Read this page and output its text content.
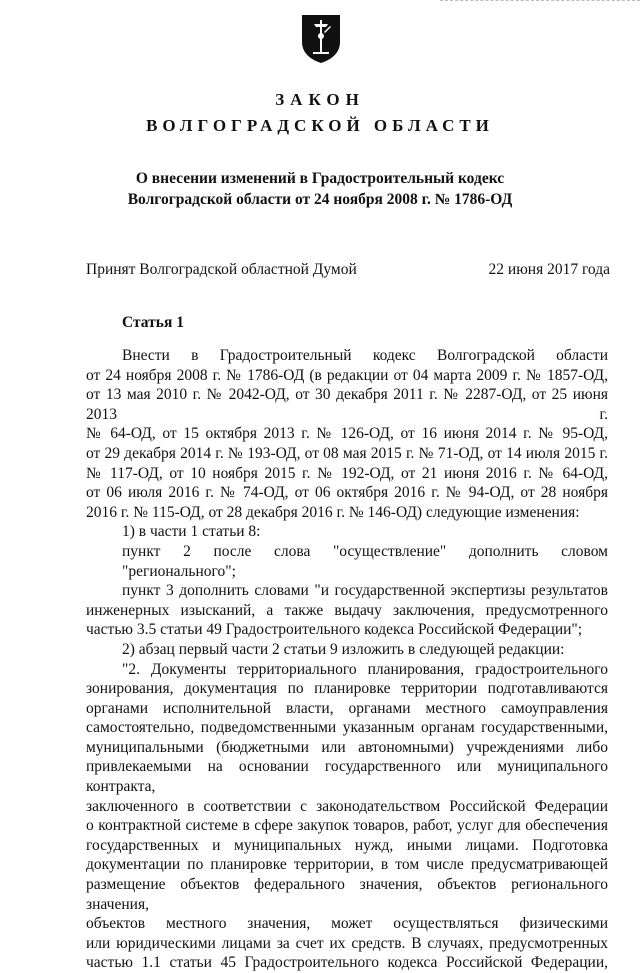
ЗАКОН
ВОЛГОГРАДСКОЙ ОБЛАСТИ
О внесении изменений в Градостроительный кодекс
Волгоградской области от 24 ноября 2008 г. № 1786-ОД
Принят Волгоградской областной Думой	22 июня 2017 года
Статья 1
Внести в Градостроительный кодекс Волгоградской области
от 24 ноября 2008 г. № 1786-ОД (в редакции от 04 марта 2009 г. № 1857-ОД,
от 13 мая 2010 г. № 2042-ОД, от 30 декабря 2011 г. № 2287-ОД, от 25 июня 2013 г.
№ 64-ОД, от 15 октября 2013 г. № 126-ОД, от 16 июня 2014 г. № 95-ОД,
от 29 декабря 2014 г. № 193-ОД, от 08 мая 2015 г. № 71-ОД, от 14 июля 2015 г.
№ 117-ОД, от 10 ноября 2015 г. № 192-ОД, от 21 июня 2016 г. № 64-ОД,
от 06 июля 2016 г. № 74-ОД, от 06 октября 2016 г. № 94-ОД, от 28 ноября
2016 г. № 115-ОД, от 28 декабря 2016 г. № 146-ОД) следующие изменения:
1) в части 1 статьи 8:
пункт 2 после слова "осуществление" дополнить словом "регионального";
пункт 3 дополнить словами "и государственной экспертизы результатов
инженерных изысканий, а также выдачу заключения, предусмотренного
частью 3.5 статьи 49 Градостроительного кодекса Российской Федерации";
2) абзац первый части 2 статьи 9 изложить в следующей редакции:
"2. Документы территориального планирования, градостроительного
зонирования, документация по планировке территории подготавливаются
органами исполнительной власти, органами местного самоуправления
самостоятельно, подведомственными указанным органам государственными,
муниципальными (бюджетными или автономными) учреждениями либо
привлекаемыми на основании государственного или муниципального контракта,
заключенного в соответствии с законодательством Российской Федерации
о контрактной системе в сфере закупок товаров, работ, услуг для обеспечения
государственных и муниципальных нужд, иными лицами. Подготовка
документации по планировке территории, в том числе предусматривающей
размещение объектов федерального значения, объектов регионального значения,
объектов местного значения, может осуществляться физическими
или юридическими лицами за счет их средств. В случаях, предусмотренных
частью 1.1 статьи 45 Градостроительного кодекса Российской Федерации,
